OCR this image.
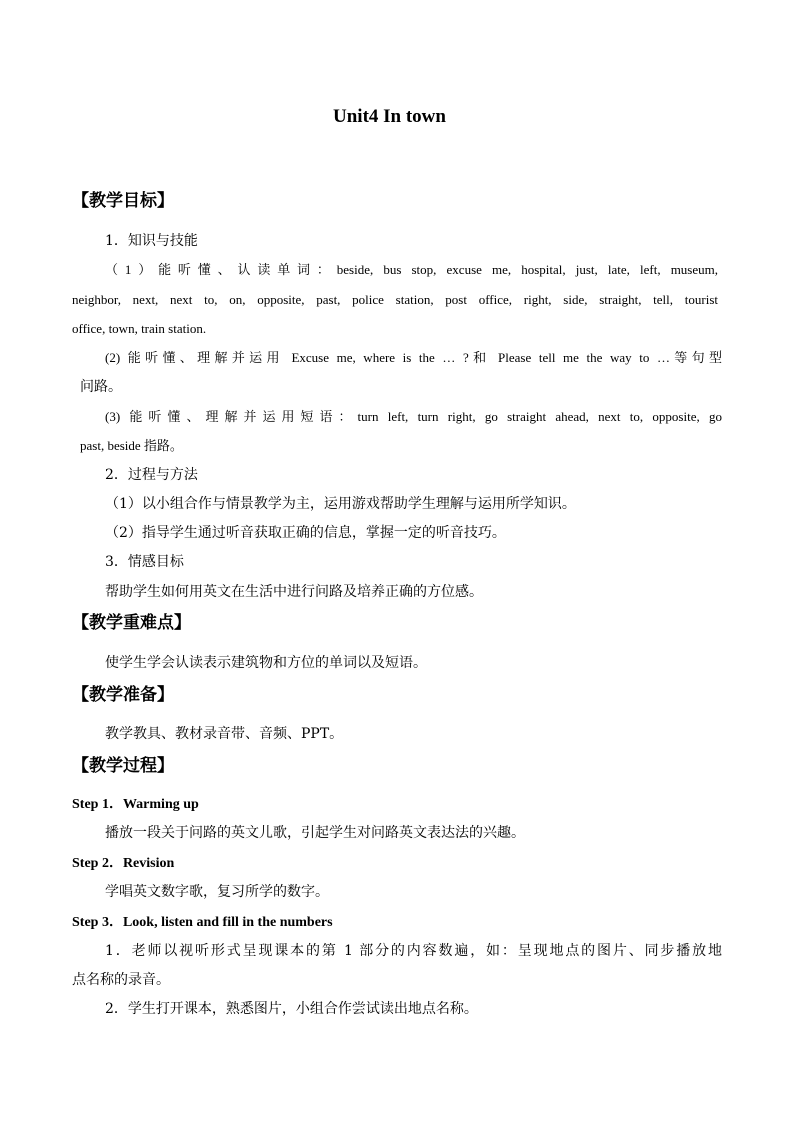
Unit4 In town
【教学目标】
1．知识与技能
（1）能听懂、认读单词：beside, bus stop, excuse me, hospital, just, late, left, museum,
neighbor, next, next to, on, opposite, past, police station, post office, right, side, straight, tell, tourist
office, town, train station.
(2) 能听懂、理解并运用 Excuse me, where is the … ?和 Please tell me the way to …等句型
问路。
(3) 能听懂、理解并运用短语：turn left, turn right, go straight ahead, next to, opposite, go
past, beside 指路。
2．过程与方法
（1）以小组合作与情景教学为主，运用游戏帮助学生理解与运用所学知识。
（2）指导学生通过听音获取正确的信息，掌握一定的听音技巧。
3．情感目标
帮助学生如何用英文在生活中进行问路及培养正确的方位感。
【教学重难点】
使学生学会认读表示建筑物和方位的单词以及短语。
【教学准备】
教学教具、教材录音带、音频、PPT。
【教学过程】
Step 1．Warming up
播放一段关于问路的英文儿歌，引起学生对问路英文表达法的兴趣。
Step 2．Revision
学唱英文数字歌，复习所学的数字。
Step 3．Look, listen and fill in the numbers
1．老师以视听形式呈现课本的第 1 部分的内容数遍，如：呈现地点的图片、同步播放地
点名称的录音。
2．学生打开课本，熟悉图片，小组合作尝试读出地点名称。
